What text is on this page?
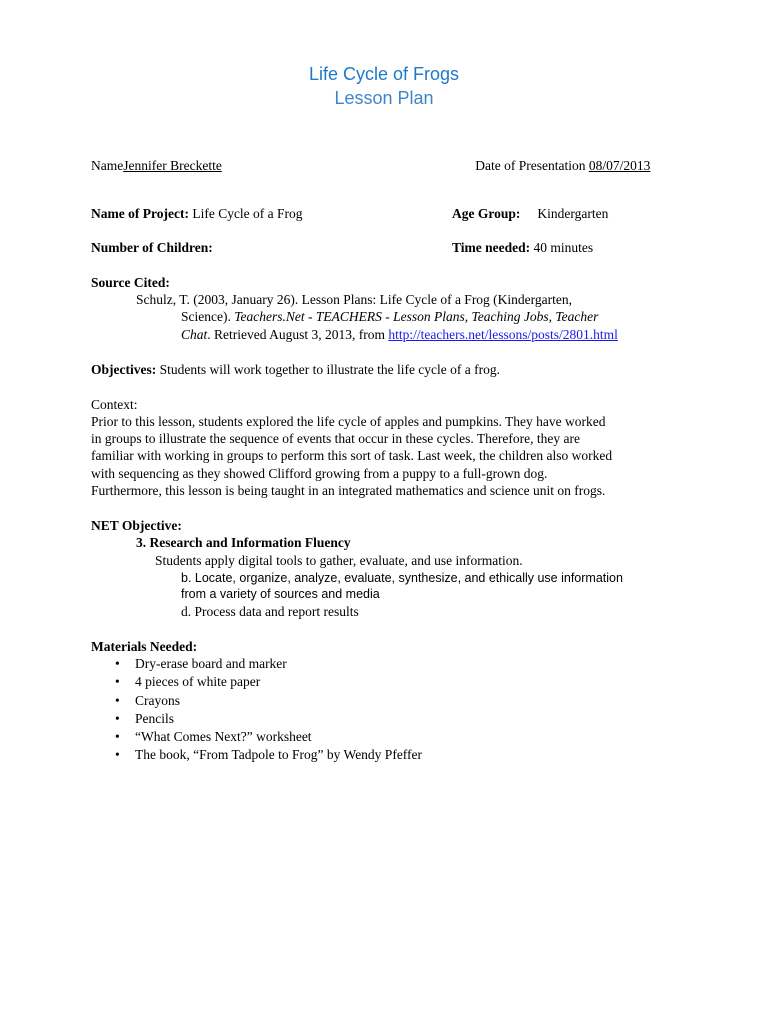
Life Cycle of Frogs
Lesson Plan
NameJennifer Breckette	Date of Presentation 08/07/2013
Name of Project: Life Cycle of a Frog	Age Group: Kindergarten
Number of Children:	Time needed: 40 minutes
Source Cited:
Schulz, T. (2003, January 26). Lesson Plans: Life Cycle of a Frog (Kindergarten,
Science). Teachers.Net - TEACHERS - Lesson Plans, Teaching Jobs, Teacher
Chat. Retrieved August 3, 2013, from http://teachers.net/lessons/posts/2801.html
Objectives: Students will work together to illustrate the life cycle of a frog.
Context:
Prior to this lesson, students explored the life cycle of apples and pumpkins. They have worked
in groups to illustrate the sequence of events that occur in these cycles. Therefore, they are
familiar with working in groups to perform this sort of task. Last week, the children also worked
with sequencing as they showed Clifford growing from a puppy to a full-grown dog.
Furthermore, this lesson is being taught in an integrated mathematics and science unit on frogs.
NET Objective:
3. Research and Information Fluency
Students apply digital tools to gather, evaluate, and use information.
b. Locate, organize, analyze, evaluate, synthesize, and ethically use information
from a variety of sources and media
d. Process data and report results
Materials Needed:
• Dry-erase board and marker
• 4 pieces of white paper
• Crayons
• Pencils
• “What Comes Next?” worksheet
• The book, “From Tadpole to Frog” by Wendy Pfeffer
